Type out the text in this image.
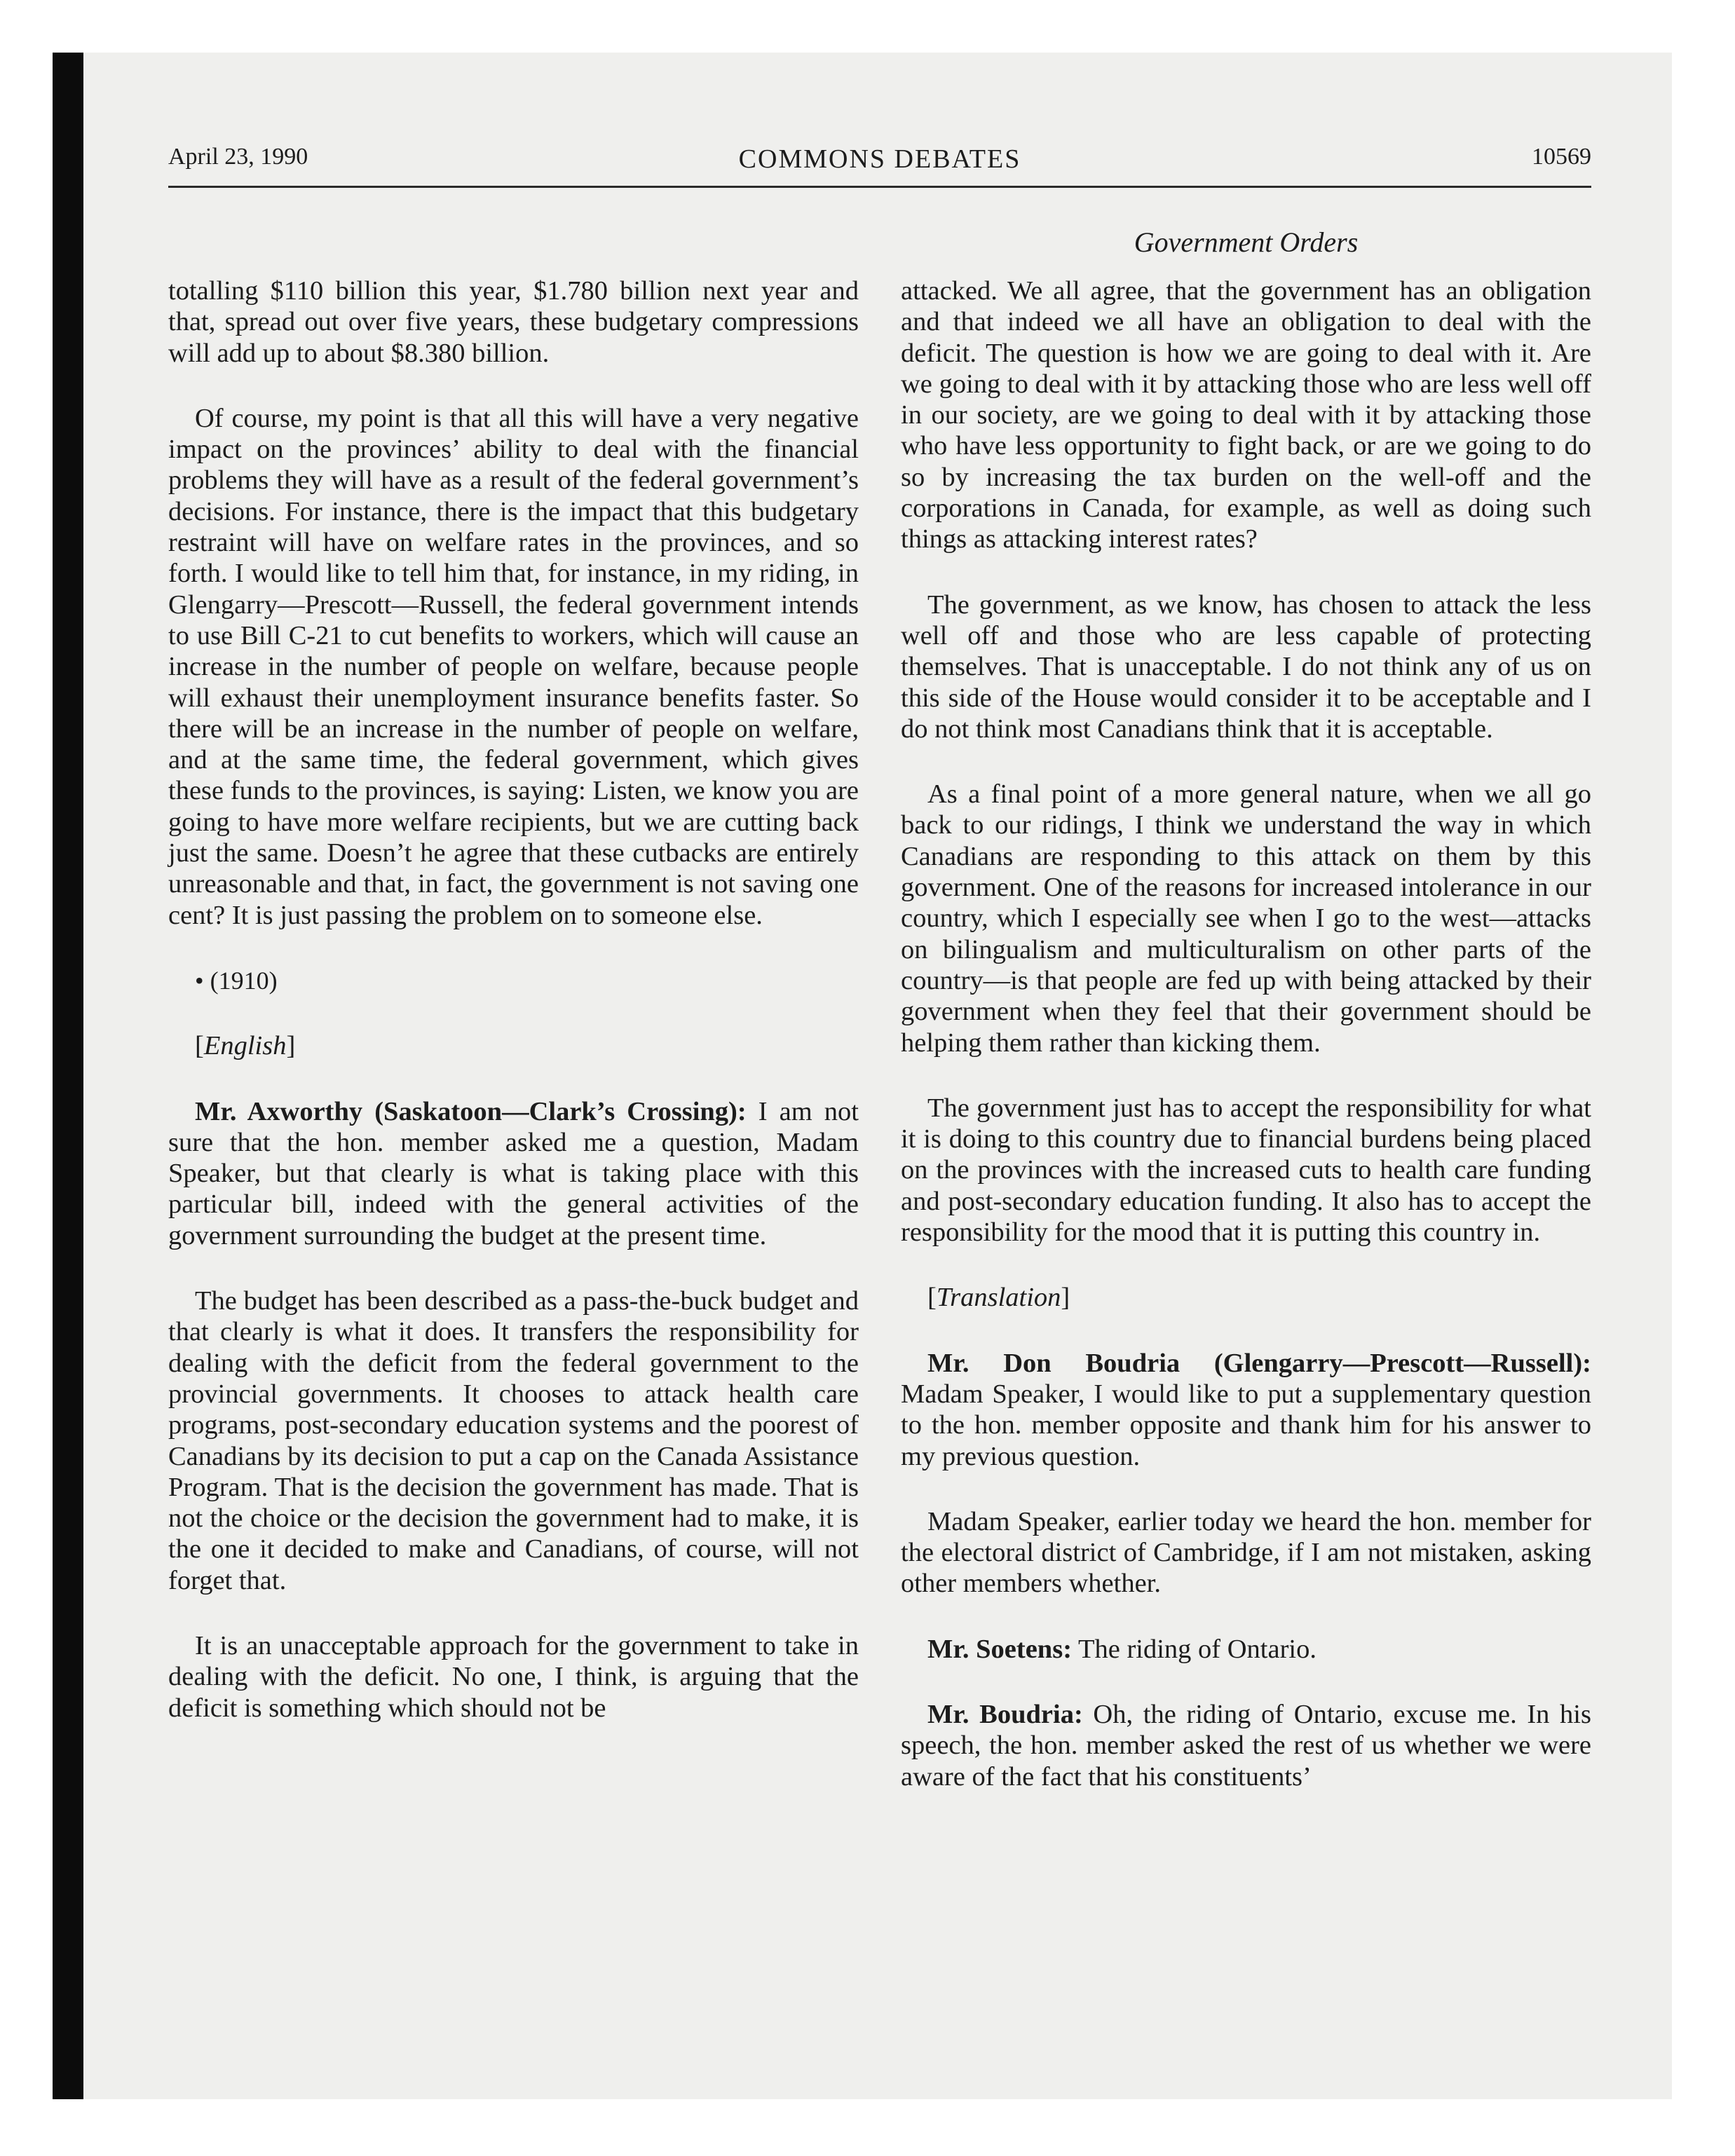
April 23, 1990	COMMONS DEBATES	10569
Government Orders

totalling $110 billion this year, $1.780 billion next year and that, spread out over five years, these budgetary compressions will add up to about $8.380 billion.

Of course, my point is that all this will have a very negative impact on the provinces’ ability to deal with the financial problems they will have as a result of the federal government’s decisions. For instance, there is the impact that this budgetary restraint will have on welfare rates in the provinces, and so forth. I would like to tell him that, for instance, in my riding, in Glengarry—Prescott—Russell, the federal government intends to use Bill C-21 to cut benefits to workers, which will cause an increase in the number of people on welfare, because people will exhaust their unemployment insurance benefits faster. So there will be an increase in the number of people on welfare, and at the same time, the federal government, which gives these funds to the provinces, is saying: Listen, we know you are going to have more welfare recipients, but we are cutting back just the same. Doesn’t he agree that these cutbacks are entirely unreasonable and that, in fact, the government is not saving one cent? It is just passing the problem on to someone else.

• (1910)

[English]

Mr. Axworthy (Saskatoon—Clark’s Crossing): I am not sure that the hon. member asked me a question, Madam Speaker, but that clearly is what is taking place with this particular bill, indeed with the general activities of the government surrounding the budget at the present time.

The budget has been described as a pass-the-buck budget and that clearly is what it does. It transfers the responsibility for dealing with the deficit from the federal government to the provincial governments. It chooses to attack health care programs, post-secondary education systems and the poorest of Canadians by its decision to put a cap on the Canada Assistance Program. That is the decision the government has made. That is not the choice or the decision the government had to make, it is the one it decided to make and Canadians, of course, will not forget that.

It is an unacceptable approach for the government to take in dealing with the deficit. No one, I think, is arguing that the deficit is something which should not be

attacked. We all agree, that the government has an obligation and that indeed we all have an obligation to deal with the deficit. The question is how we are going to deal with it. Are we going to deal with it by attacking those who are less well off in our society, are we going to deal with it by attacking those who have less opportunity to fight back, or are we going to do so by increasing the tax burden on the well-off and the corporations in Canada, for example, as well as doing such things as attacking interest rates?

The government, as we know, has chosen to attack the less well off and those who are less capable of protecting themselves. That is unacceptable. I do not think any of us on this side of the House would consider it to be acceptable and I do not think most Canadians think that it is acceptable.

As a final point of a more general nature, when we all go back to our ridings, I think we understand the way in which Canadians are responding to this attack on them by this government. One of the reasons for increased intolerance in our country, which I especially see when I go to the west—attacks on bilingualism and multiculturalism on other parts of the country—is that people are fed up with being attacked by their government when they feel that their government should be helping them rather than kicking them.

The government just has to accept the responsibility for what it is doing to this country due to financial burdens being placed on the provinces with the increased cuts to health care funding and post-secondary education funding. It also has to accept the responsibility for the mood that it is putting this country in.

[Translation]

Mr. Don Boudria (Glengarry—Prescott—Russell): Madam Speaker, I would like to put a supplementary question to the hon. member opposite and thank him for his answer to my previous question.

Madam Speaker, earlier today we heard the hon. member for the electoral district of Cambridge, if I am not mistaken, asking other members whether.

Mr. Soetens: The riding of Ontario.

Mr. Boudria: Oh, the riding of Ontario, excuse me. In his speech, the hon. member asked the rest of us whether we were aware of the fact that his constituents’
